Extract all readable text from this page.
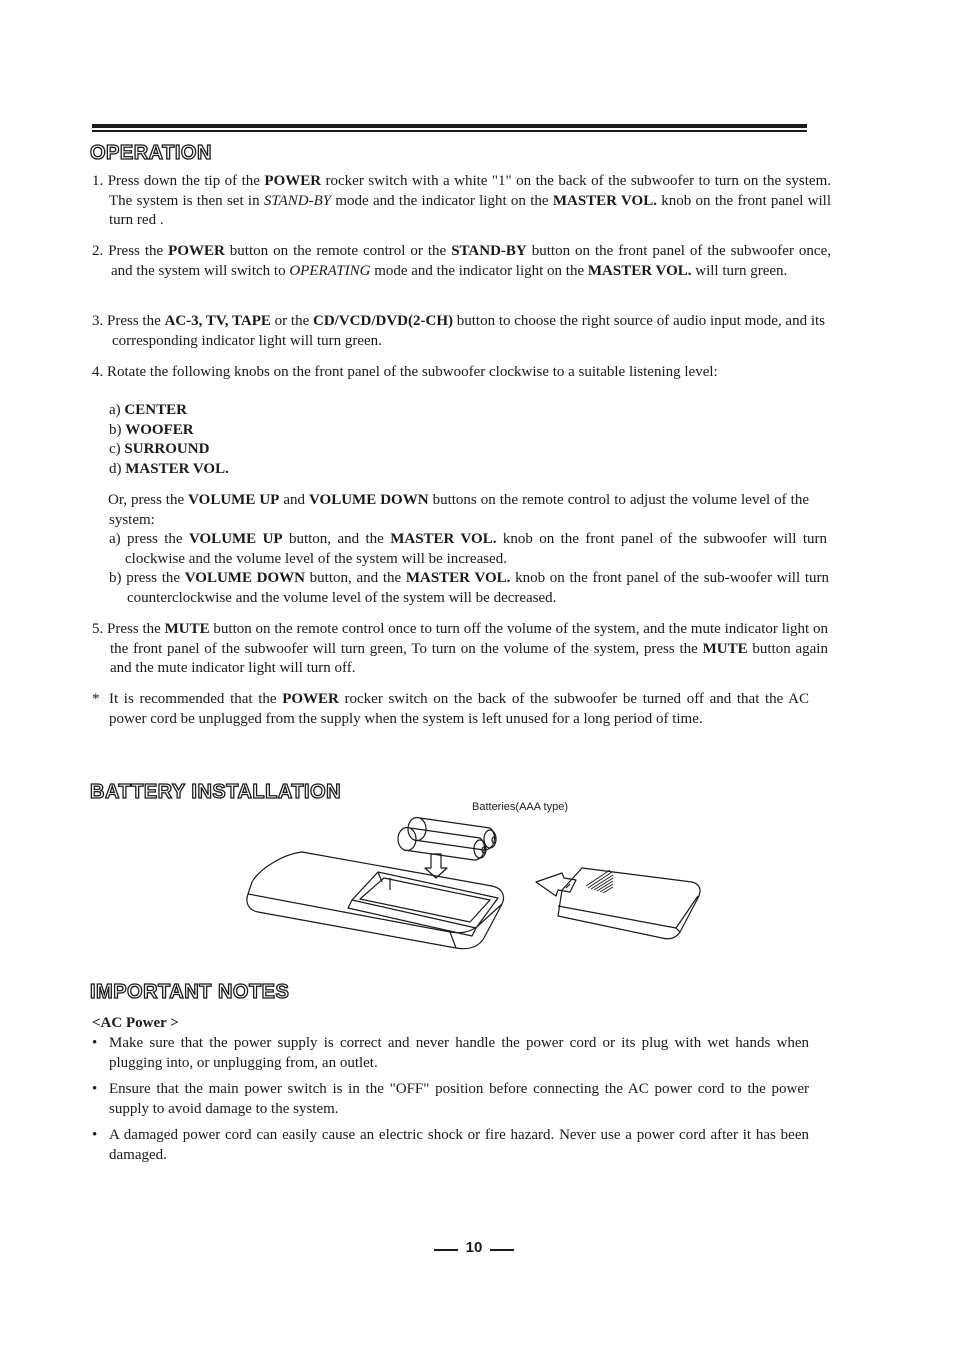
OPERATION

1. Press down the tip of the POWER rocker switch with a white "1" on the back of the subwoofer to turn on the system. The system is then set in STAND-BY mode and the indicator light on the MASTER VOL. knob on the front panel will turn red .

2. Press the POWER button on the remote control or the STAND-BY button on the front panel of the subwoofer once, and the system will switch to OPERATING mode and the indicator light on the MASTER VOL. will turn green.

3. Press the AC-3, TV, TAPE or the CD/VCD/DVD(2-CH) button to choose the right source of audio input mode, and its corresponding indicator light will turn green.

4. Rotate the following knobs on the front panel of the subwoofer clockwise to a suitable listening level:

a) CENTER
b) WOOFER
c) SURROUND
d) MASTER VOL.

Or, press the VOLUME UP and VOLUME DOWN buttons on the remote control to adjust the volume level of the system:

a) press the VOLUME UP button, and the MASTER VOL. knob on the front panel of the subwoofer will turn clockwise and the volume level of the system will be increased.

b) press the VOLUME DOWN button, and the MASTER VOL. knob on the front panel of the sub-woofer will turn counterclockwise and the volume level of the system will be decreased.

5. Press the MUTE button on the remote control once to turn off the volume of the system, and the mute indicator light on the front panel of the subwoofer will turn green, To turn on the volume of the system, press the MUTE button again and the mute indicator light will turn off.

* It is recommended that the POWER rocker switch on the back of the subwoofer be turned off and that the AC power cord be unplugged from the supply when the system is left unused for a long period of time.

BATTERY INSTALLATION
Batteries(AAA type)
IMPORTANT NOTES
<AC Power >
• Make sure that the power supply is correct and never handle the power cord or its plug with wet hands when plugging into, or unplugging from, an outlet.

• Ensure that the main power switch is in the "OFF" position before connecting the AC power cord to the power supply to avoid damage to the system.

• A damaged power cord can easily cause an electric shock or fire hazard. Never use a power cord after it has been damaged.

10
